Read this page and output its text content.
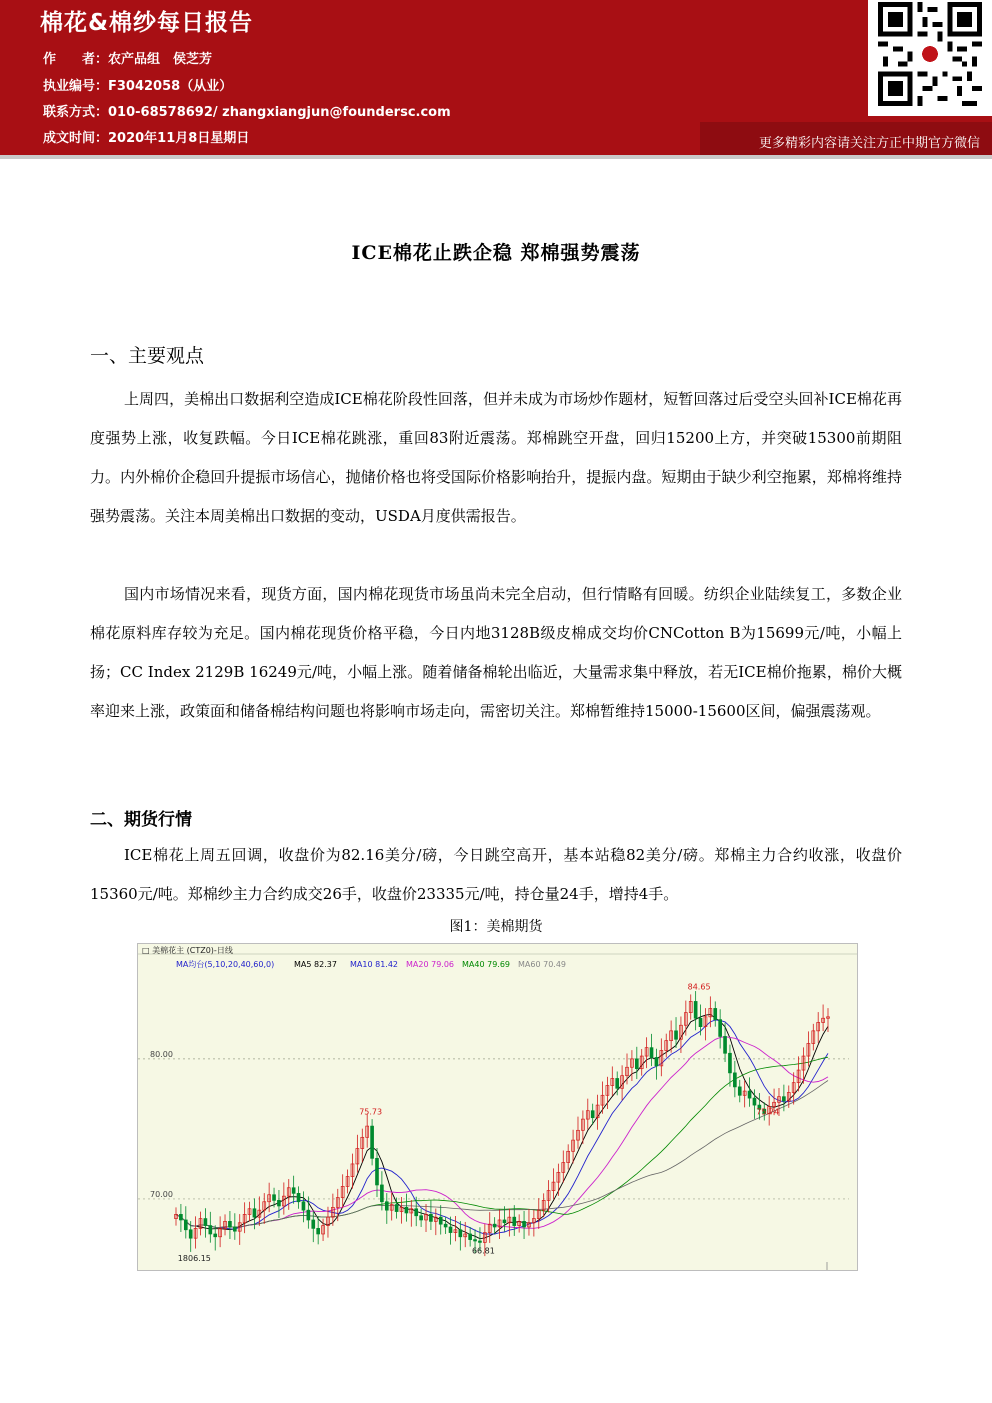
棉花&棉纱每日报告
作　　者：农产品组　侯芝芳
执业编号：F3042058（从业）
联系方式：010-68578692/ zhangxiangjun@foundersc.com
成文时间：2020年11月8日星期日	更多精彩内容请关注方正中期官方微信
ICE棉花止跌企稳 郑棉强势震荡
一、主要观点

上周四，美棉出口数据利空造成ICE棉花阶段性回落，但并未成为市场炒作题材，短暂回落过后受空头回补ICE棉花再度强势上涨，收复跌幅。今日ICE棉花跳涨，重回83附近震荡。郑棉跳空开盘，回归15200上方，并突破15300前期阻力。内外棉价企稳回升提振市场信心，抛储价格也将受国际价格影响抬升，提振内盘。短期由于缺少利空拖累，郑棉将维持强势震荡。关注本周美棉出口数据的变动，USDA月度供需报告。

国内市场情况来看，现货方面，国内棉花现货市场虽尚未完全启动，但行情略有回暖。纺织企业陆续复工，多数企业棉花原料库存较为充足。国内棉花现货价格平稳，今日内地3128B级皮棉成交均价CNCotton B为15699元/吨，小幅上扬；CC Index 2129B 16249元/吨，小幅上涨。随着储备棉轮出临近，大量需求集中释放，若无ICE棉价拖累，棉价大概率迎来上涨，政策面和储备棉结构问题也将影响市场走向，需密切关注。郑棉暂维持15000-15600区间，偏强震荡观。

二、期货行情

ICE棉花上周五回调，收盘价为82.16美分/磅，今日跳空高开，基本站稳82美分/磅。郑棉主力合约收涨，收盘价15360元/吨。郑棉纱主力合约成交26手，收盘价23335元/吨，持仓量24手，增持4手。

图1：美棉期货
□ 美棉花主 (CTZ0)-日线
MA均台(5,10,20,40,60,0) MA5 82.37 MA10 81.42 MA20 79.06 MA40 79.69 MA60 70.49
80.00
70.00
75.73
84.65
75.74
66.81
1806.15
